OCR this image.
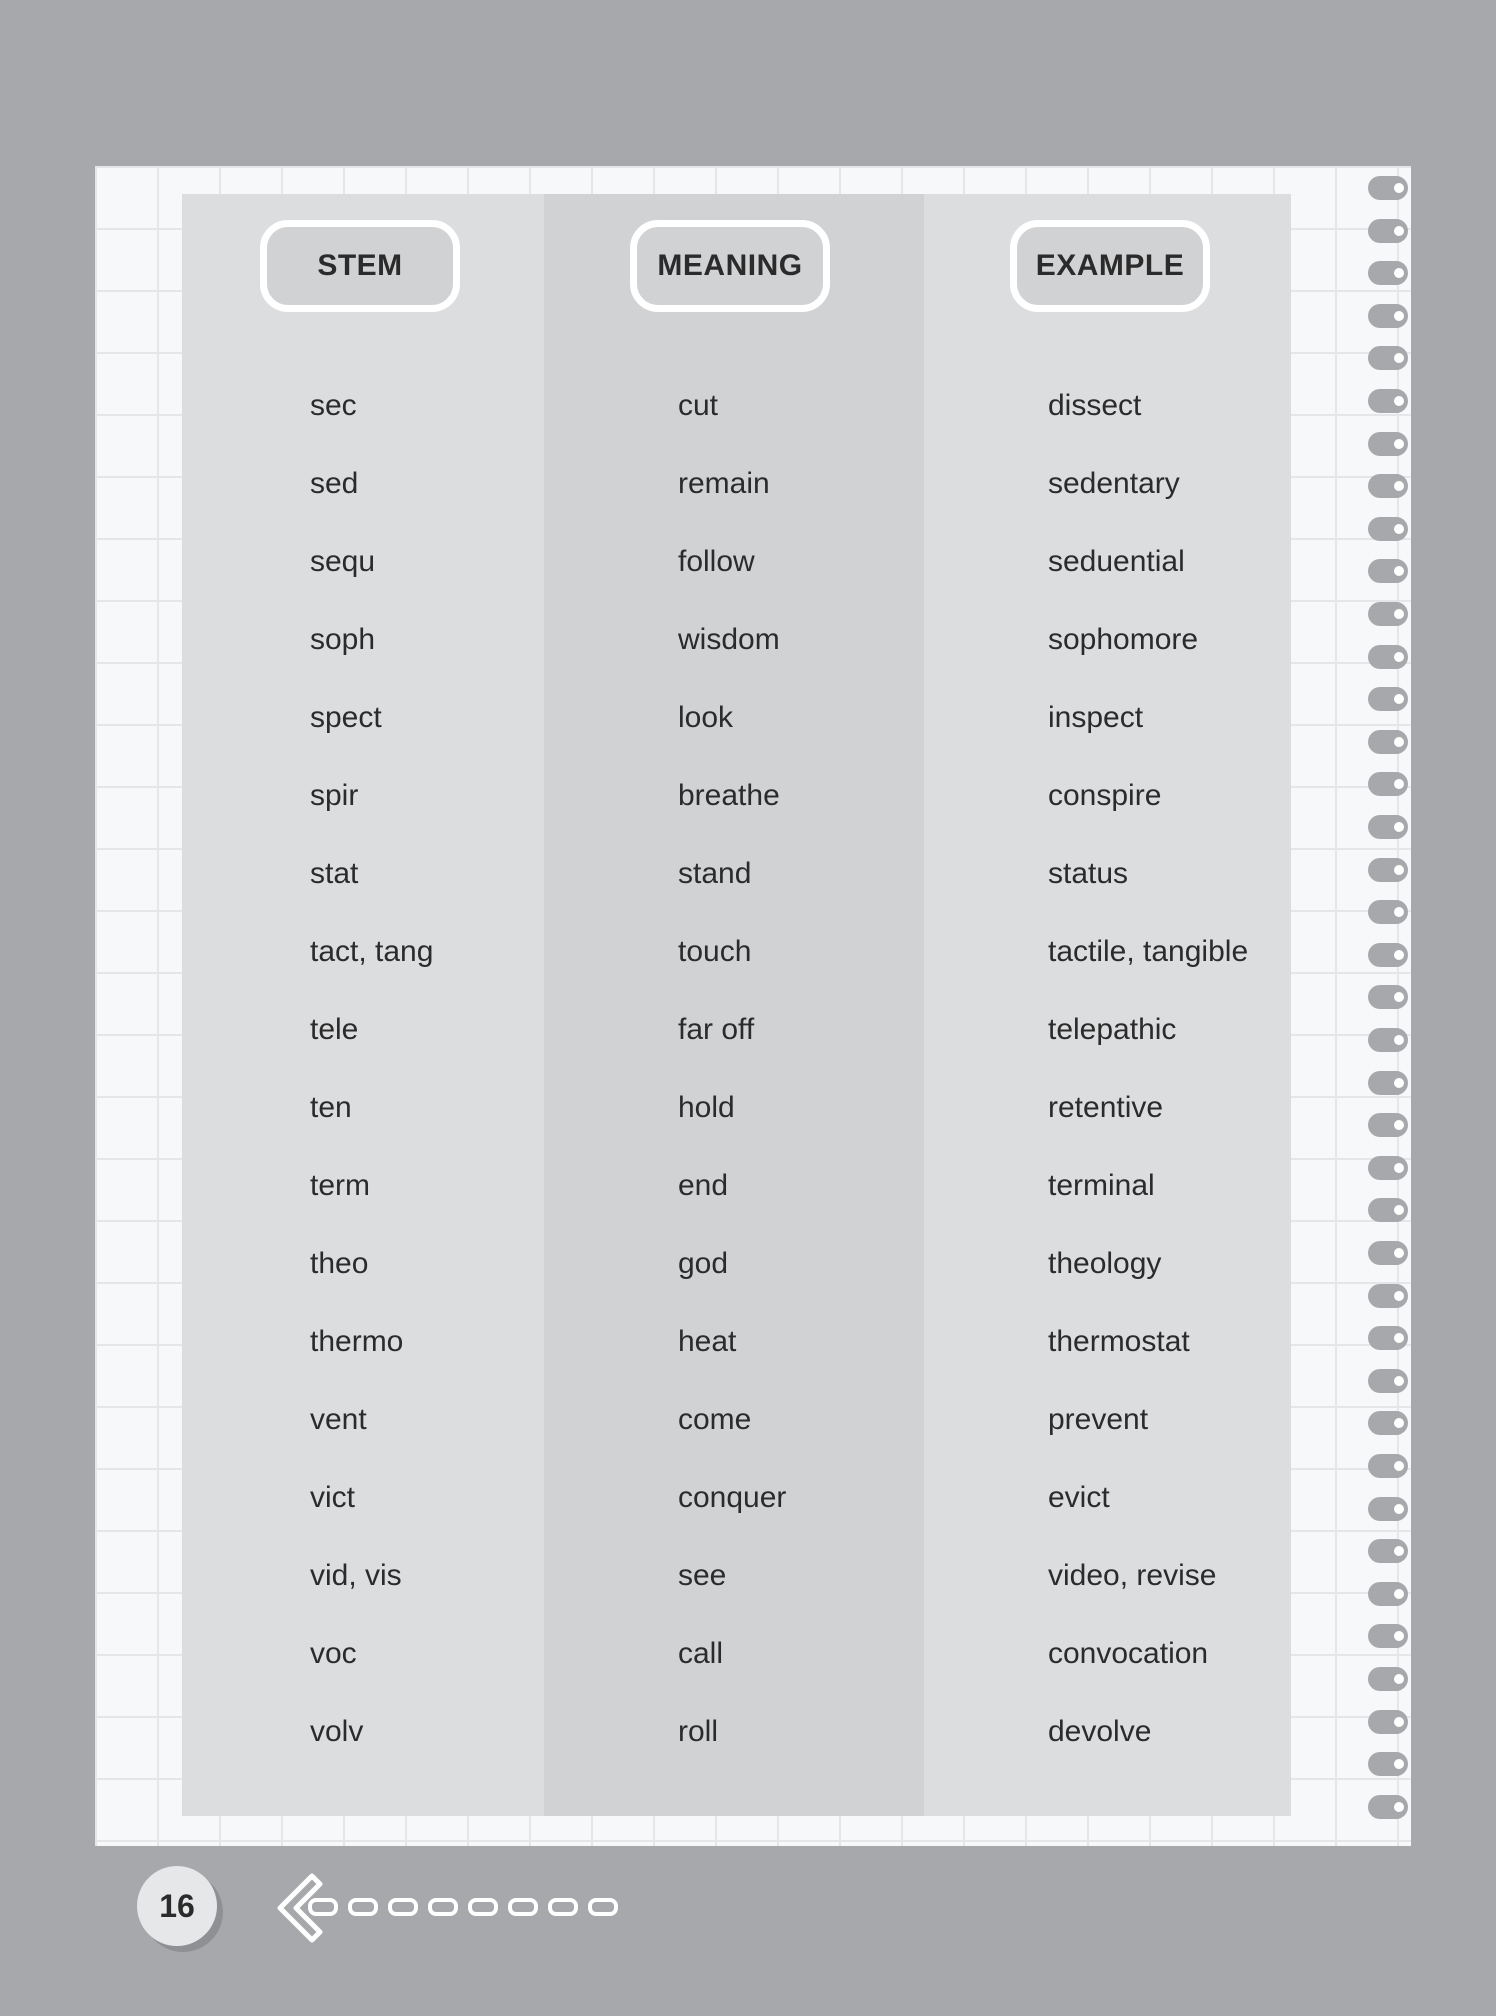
STEM
sec
sed
sequ
soph
spect
spir
stat
tact, tang
tele
ten
term
theo
thermo
vent
vict
vid, vis
voc
volv
MEANING
cut
remain
follow
wisdom
look
breathe
stand
touch
far off
hold
end
god
heat
come
conquer
see
call
roll
EXAMPLE
dissect
sedentary
seduential
sophomore
inspect
conspire
status
tactile, tangible
telepathic
retentive
terminal
theology
thermostat
prevent
evict
video, revise
convocation
devolve
16
